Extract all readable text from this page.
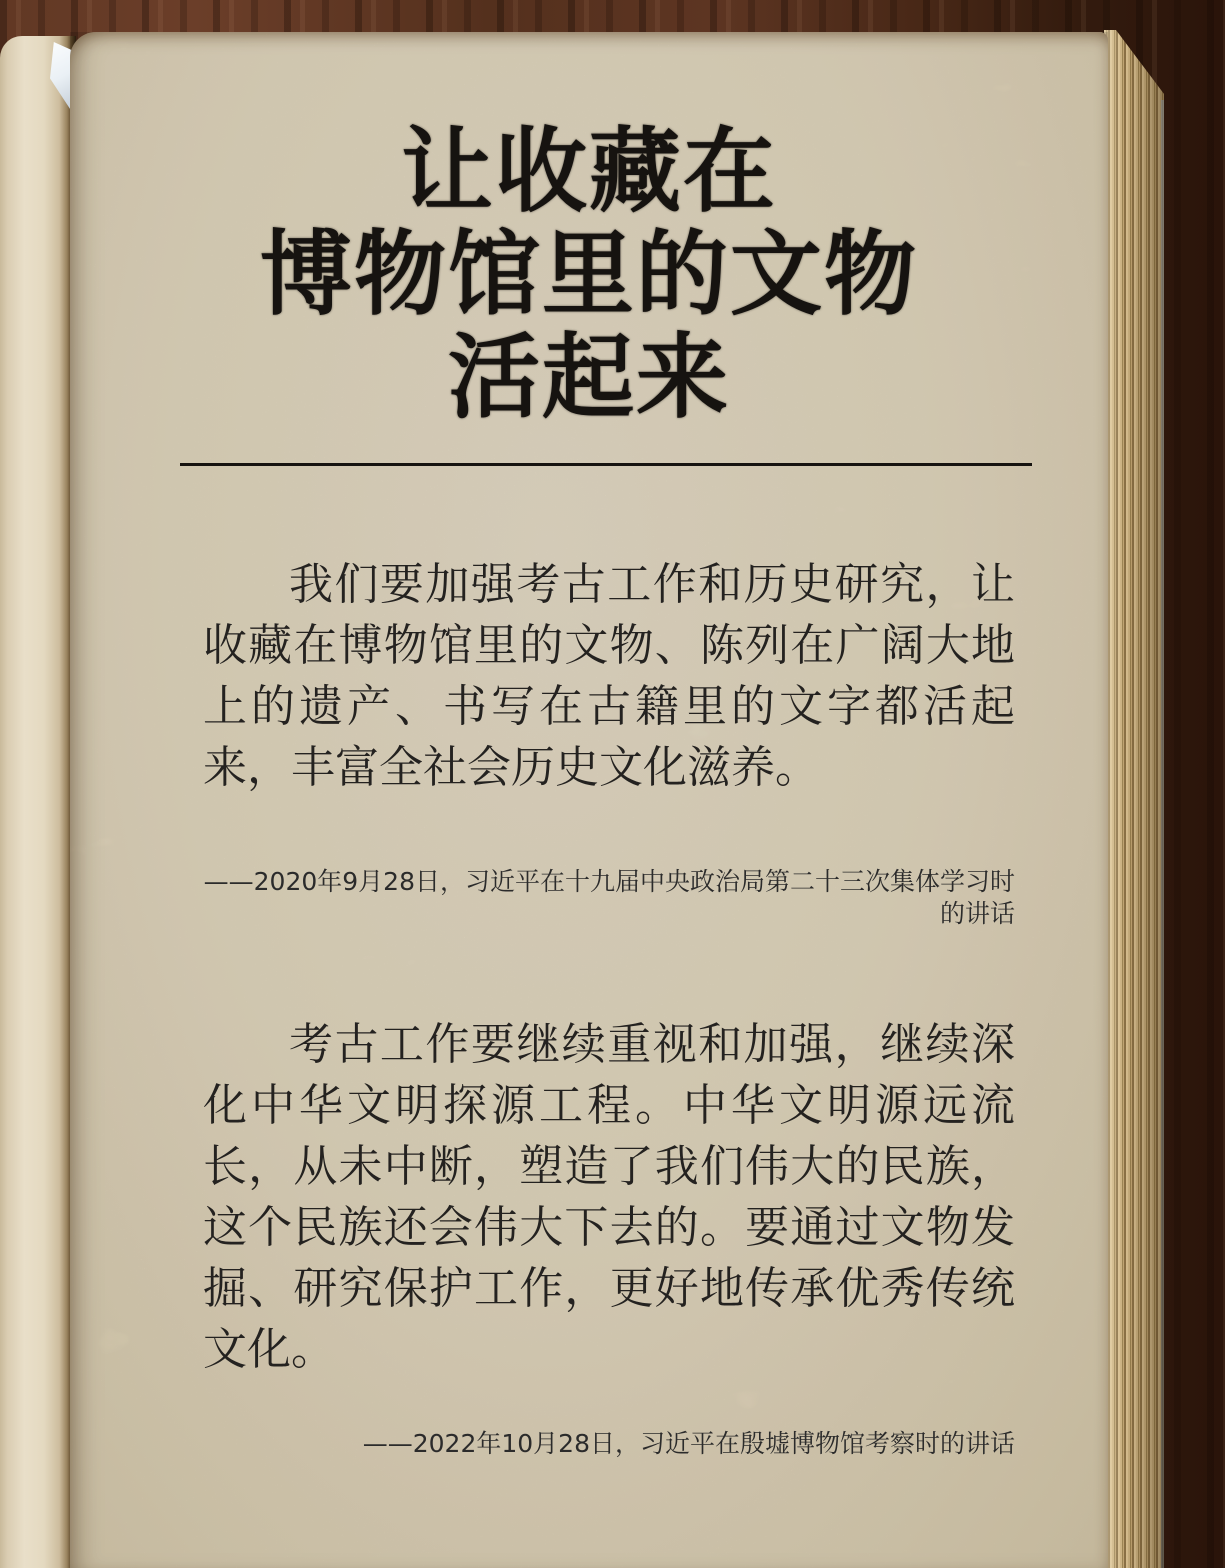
让收藏在
博物馆里的文物
活起来
我们要加强考古工作和历史研究，让
收藏在博物馆里的文物、陈列在广阔大地
上的遗产、书写在古籍里的文字都活起
来，丰富全社会历史文化滋养。
——2020年9月28日，习近平在十九届中央政治局第二十三次集体学习时的讲话
考古工作要继续重视和加强，继续深
化中华文明探源工程。中华文明源远流
长，从未中断，塑造了我们伟大的民族，
这个民族还会伟大下去的。要通过文物发
掘、研究保护工作，更好地传承优秀传统
文化。
——2022年10月28日，习近平在殷墟博物馆考察时的讲话
